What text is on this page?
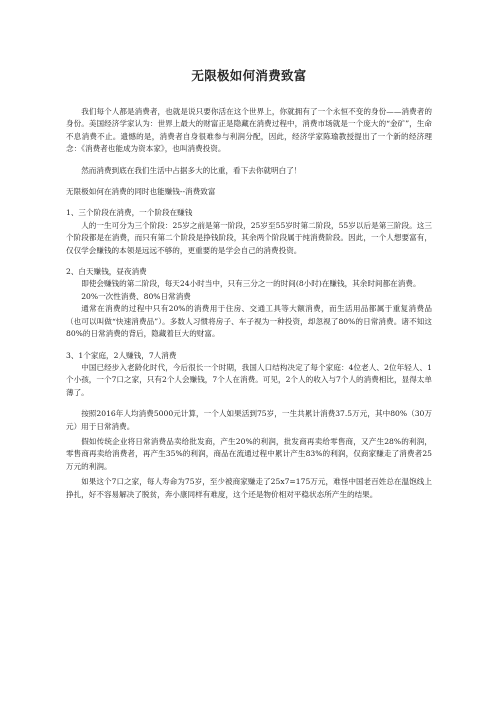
无限极如何消费致富

我们每个人都是消费者，也就是说只要你活在这个世界上，你就拥有了一个永恒不变的身份——消费者的身份。美国经济学家认为：世界上最大的财富正是隐藏在消费过程中，消费市场就是一个庞大的“金矿”，生命不息消费不止。遗憾的是，消费者自身很难参与利润分配，因此，经济学家陈瑜教授提出了一个新的经济理念：《消费者也能成为资本家》，也叫消费投资。

然而消费到底在我们生活中占据多大的比重，看下去你就明白了！

无限极如何在消费的同时也能赚钱--消费致富

1、三个阶段在消费，一个阶段在赚钱

人的一生可分为三个阶段：25岁之前是第一阶段，25岁至55岁时第二阶段，55岁以后是第三阶段。这三个阶段都是在消费，而只有第二个阶段是挣钱阶段，其余两个阶段属于纯消费阶段。因此，一个人想要富有，仅仅学会赚钱的本领是远远不够的，更重要的是学会自己的消费投资。

2、白天赚钱，昼夜消费

即使会赚钱的第二阶段，每天24小时当中，只有三分之一的时间(8小时)在赚钱，其余时间都在消费。

20%一次性消费、80%日常消费

通常在消费的过程中只有20%的消费用于住房、交通工具等大额消费，而生活用品都属于重复消费品（也可以叫做“快速消费品”）。多数人习惯将房子、车子视为一种投资，却忽视了80%的日常消费。诸不知这80%的日常消费的背后，隐藏着巨大的财富。

3、1个家庭，2人赚钱，7人消费

中国已经步入老龄化时代，今后很长一个时期，我国人口结构决定了每个家庭：4位老人、2位年轻人、1个小孩，一个7口之家，只有2个人会赚钱，7个人在消费。可见，2个人的收入与7个人的消费相比，显得太单薄了。

按照2016年人均消费5000元计算，一个人如果活到75岁，一生共累计消费37.5万元，其中80%（30万元）用于日常消费。

假如传统企业将日常消费品卖给批发商，产生20%的利润，批发商再卖给零售商，又产生28%的利润，零售商再卖给消费者，再产生35%的利润，商品在流通过程中累计产生83%的利润，仅商家赚走了消费者25万元的利润。

如果这个7口之家，每人寿命为75岁，至少被商家赚走了25x7=175万元，难怪中国老百姓总在温饱线上挣扎，好不容易解决了脱贫，奔小康同样有难度，这个还是物价相对平稳状态所产生的结果。
